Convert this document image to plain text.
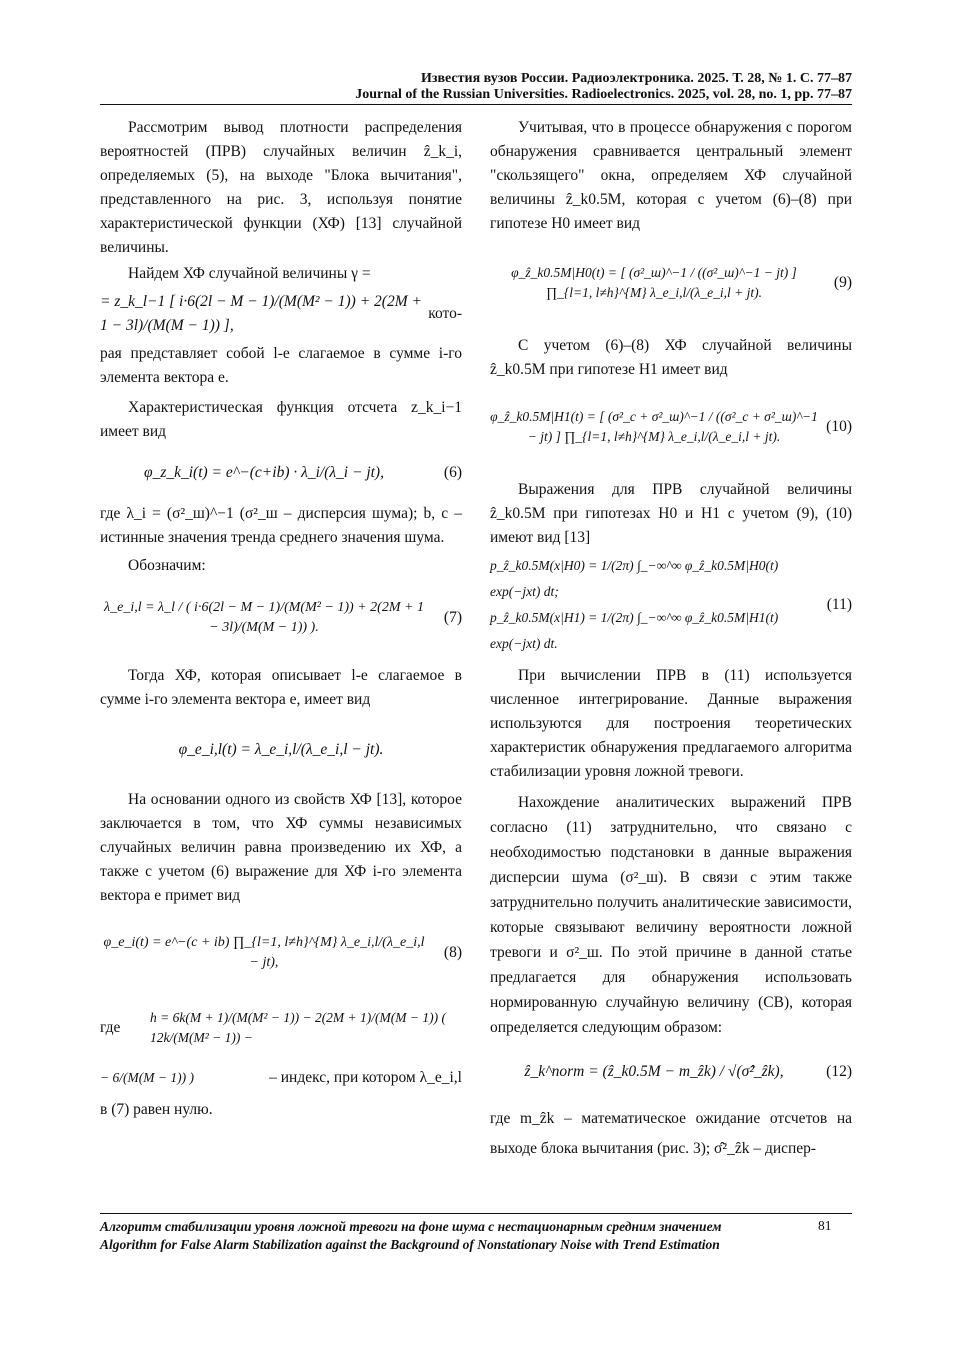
Известия вузов России. Радиоэлектроника. 2025. Т. 28, № 1. С. 77–87
Journal of the Russian Universities. Radioelectronics. 2025, vol. 28, no. 1, pp. 77–87

Рассмотрим вывод плотности распределения вероятностей (ПРВ) случайных величин ẑ_k_i, определяемых (5), на выходе "Блока вычитания", представленного на рис. 3, используя понятие характеристической функции (ХФ) [13] случайной величины.

Найдем ХФ случайной величины γ =

= z_k_l−1 [ i·6(2l − M − 1)/(M(M² − 1)) + 2(2M + 1 − 3l)/(M(M − 1)) ],
кото-

рая представляет собой l-е слагаемое в сумме i-го элемента вектора e.

Характеристическая функция отсчета z_k_i−1 имеет вид

φ_z_k_i(t) = e^−(c+ib) · λ_i/(λ_i − jt),	(6)

где λ_i = (σ²_ш)^−1 (σ²_ш – дисперсия шума); b, c – истинные значения тренда среднего значения шума.

Обозначим:

λ_e_i,l = λ_l / ( i·6(2l − M − 1)/(M(M² − 1)) + 2(2M + 1 − 3l)/(M(M − 1)) ).
(7)

Тогда ХФ, которая описывает l-е слагаемое в сумме i-го элемента вектора e, имеет вид

φ_e_i,l(t) = λ_e_i,l/(λ_e_i,l − jt).

На основании одного из свойств ХФ [13], которое заключается в том, что ХФ суммы независимых случайных величин равна произведению их ХФ, а также с учетом (6) выражение для ХФ i-го элемента вектора e примет вид

φ_e_i(t) = e^−(c + ib) ∏_{l=1, l≠h}^{M} λ_e_i,l/(λ_e_i,l − jt),
(8)
где
h = 6k(M + 1)/(M(M² − 1)) − 2(2M + 1)/(M(M − 1)) ( 12k/(M(M² − 1)) −
− 6/(M(M − 1)) )	– индекс, при котором λ_e_i,l

в (7) равен нулю.

Учитывая, что в процессе обнаружения с порогом обнаружения сравнивается центральный элемент "скользящего" окна, определяем ХФ случайной величины ẑ_k0.5M, которая с учетом (6)–(8) при гипотезе H0 имеет вид

φ_ẑ_k0.5M|H0(t) = [ (σ²_ш)^−1 / ((σ²_ш)^−1 − jt) ] ∏_{l=1, l≠h}^{M} λ_e_i,l/(λ_e_i,l + jt).
(9)

С учетом (6)–(8) ХФ случайной величины ẑ_k0.5M при гипотезе H1 имеет вид

φ_ẑ_k0.5M|H1(t) = [ (σ²_с + σ²_ш)^−1 / ((σ²_с + σ²_ш)^−1 − jt) ] ∏_{l=1, l≠h}^{M} λ_e_i,l/(λ_e_i,l + jt).
(10)

Выражения для ПРВ случайной величины ẑ_k0.5M при гипотезах H0 и H1 с учетом (9), (10) имеют вид [13]

p_ẑ_k0.5M(x|H0) = 1/(2π) ∫_−∞^∞ φ_ẑ_k0.5M|H0(t) exp(−jxt) dt;
p_ẑ_k0.5M(x|H1) = 1/(2π) ∫_−∞^∞ φ_ẑ_k0.5M|H1(t) exp(−jxt) dt.
(11)

При вычислении ПРВ в (11) используется численное интегрирование. Данные выражения используются для построения теоретических характеристик обнаружения предлагаемого алгоритма стабилизации уровня ложной тревоги.

Нахождение аналитических выражений ПРВ согласно (11) затруднительно, что связано с необходимостью подстановки в данные выражения дисперсии шума (σ²_ш). В связи с этим также затруднительно получить аналитические зависимости, которые связывают величину вероятности ложной тревоги и σ²_ш. По этой причине в данной статье предлагается для обнаружения использовать нормированную случайную величину (СВ), которая определяется следующим образом:

ẑ_k^norm = (ẑ_k0.5M − m_ẑk) / √(σ̂²_ẑk),	(12)

где m_ẑk – математическое ожидание отсчетов на выходе блока вычитания (рис. 3); σ̂²_ẑk – диспер-

Алгоритм стабилизации уровня ложной тревоги на фоне шума с нестационарным средним значением
Algorithm for False Alarm Stabilization against the Background of Nonstationary Noise with Trend Estimation
81
